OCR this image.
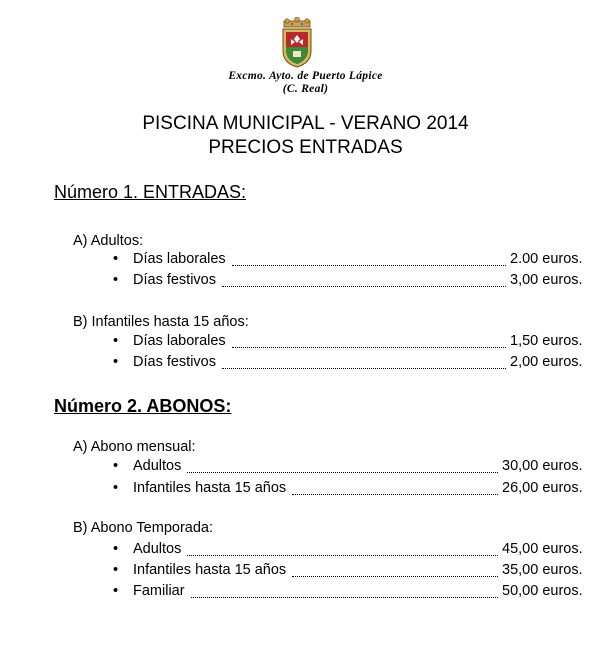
Excmo. Ayto. de Puerto Lápice
(C. Real)
PISCINA MUNICIPAL - VERANO 2014
PRECIOS ENTRADAS
Número 1. ENTRADAS:
A) Adultos:
• Días laborales	2.00 euros.
• Días festivos	3,00 euros.
B) Infantiles hasta 15 años:
• Días laborales	1,50 euros.
• Días festivos	2,00 euros.
Número 2. ABONOS:
A) Abono mensual:
• Adultos	30,00 euros.
• Infantiles hasta 15 años	26,00 euros.
B) Abono Temporada:
• Adultos	45,00 euros.
• Infantiles hasta 15 años	35,00 euros.
• Familiar	50,00 euros.
